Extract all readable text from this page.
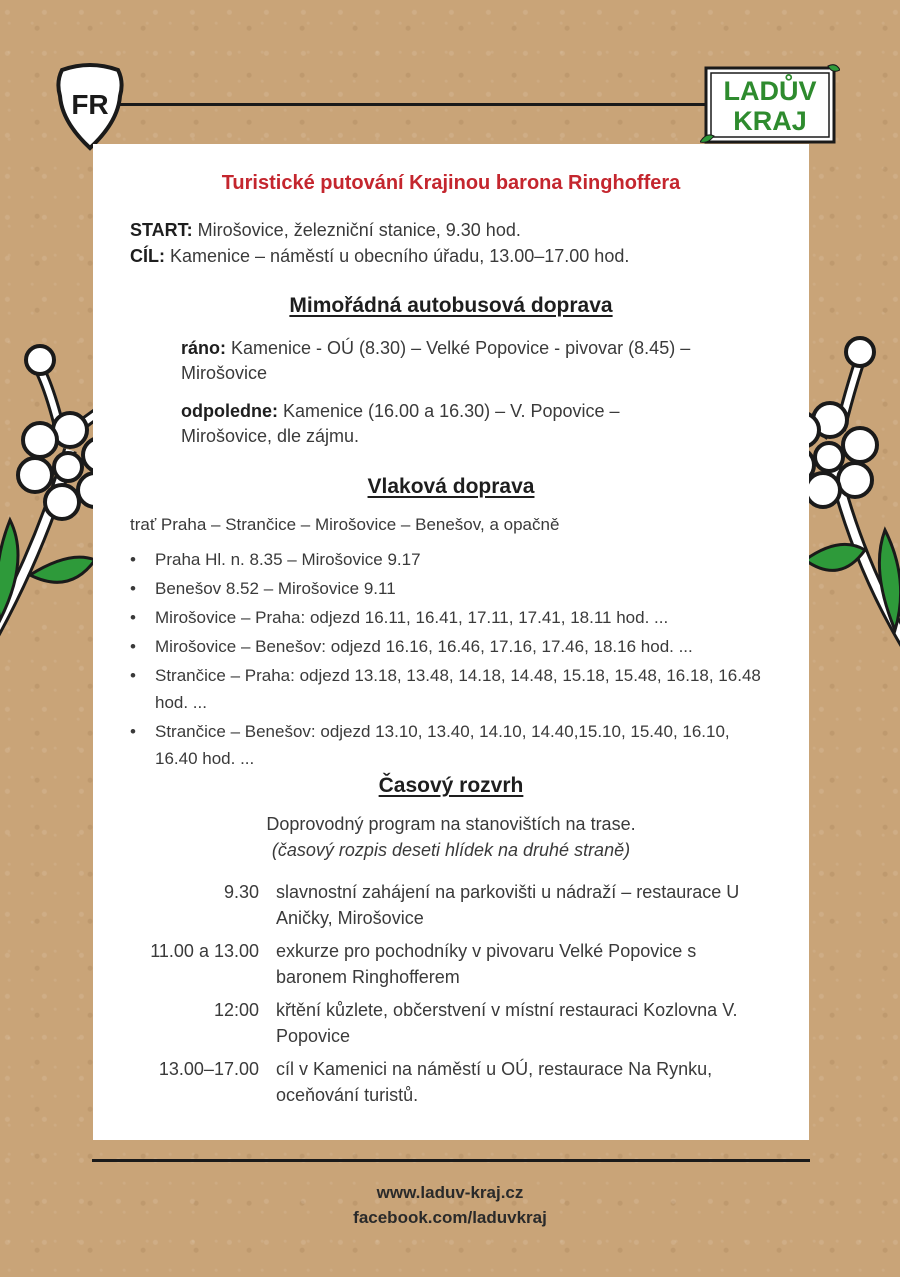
FR	LADŮV
KRAJ
Turistické putování Krajinou barona Ringhoffera
START: Mirošovice, železniční stanice, 9.30 hod.
CÍL: Kamenice – náměstí u obecního úřadu, 13.00–17.00 hod.
Mimořádná autobusová doprava
ráno: Kamenice - OÚ (8.30) – Velké Popovice - pivovar (8.45) – Mirošovice
odpoledne: Kamenice (16.00 a 16.30) – V. Popovice – Mirošovice, dle zájmu.
Vlaková doprava
trať Praha – Strančice – Mirošovice – Benešov, a opačně
• Praha Hl. n. 8.35 – Mirošovice 9.17
• Benešov 8.52 – Mirošovice 9.11
• Mirošovice – Praha: odjezd 16.11, 16.41, 17.11, 17.41, 18.11 hod. ...
• Mirošovice – Benešov: odjezd 16.16, 16.46, 17.16, 17.46, 18.16 hod. ...
• Strančice – Praha: odjezd 13.18, 13.48, 14.18, 14.48, 15.18, 15.48, 16.18, 16.48 hod. ...
• Strančice – Benešov: odjezd 13.10, 13.40, 14.10, 14.40,15.10, 15.40, 16.10, 16.40 hod. ...
Časový rozvrh
Doprovodný program na stanovištích na trase.
(časový rozpis deseti hlídek na druhé straně)
9.30 slavnostní zahájení na parkovišti u nádraží – restaurace U Aničky, Mirošovice
11.00 a 13.00 exkurze pro pochodníky v pivovaru Velké Popovice s baronem Ringhofferem
12:00 křtění kůzlete, občerstvení v místní restauraci Kozlovna V. Popovice
13.00–17.00 cíl v Kamenici na náměstí u OÚ, restaurace Na Rynku, oceňování turistů.
www.laduv-kraj.cz
facebook.com/laduvkraj
